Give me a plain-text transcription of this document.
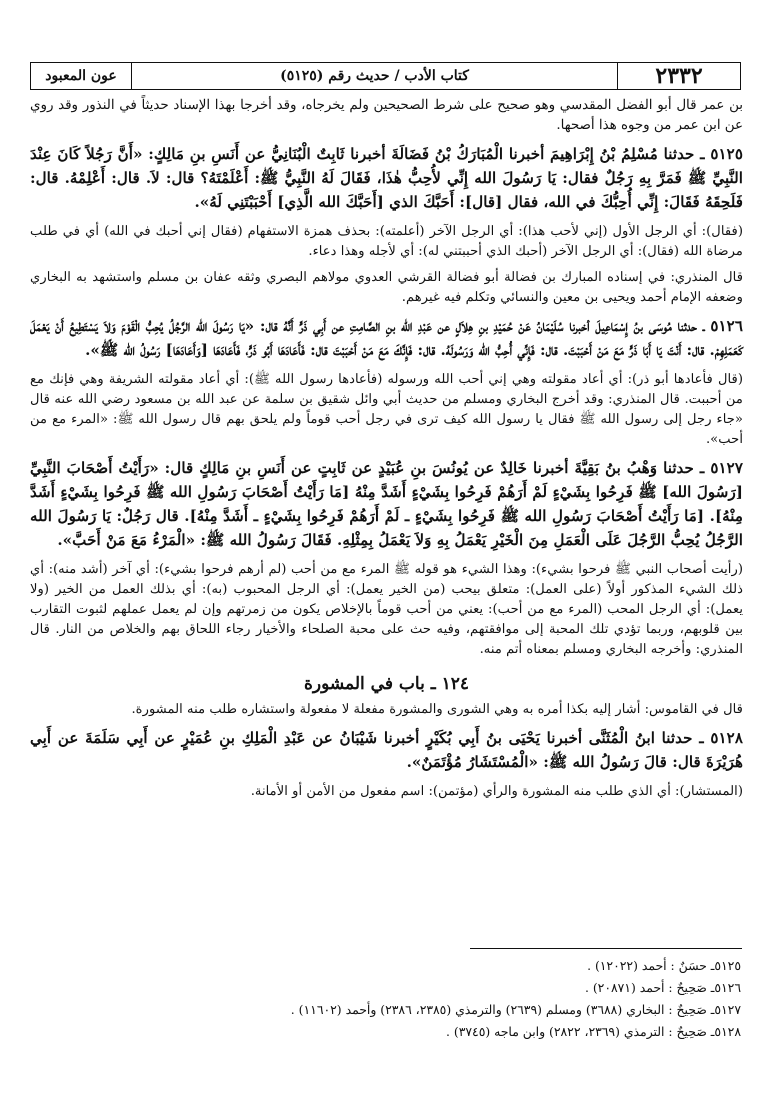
٢٣٣٢
كتاب الأدب / حديث رقم (٥١٢٥)
عون المعبود

بن عمر قال أبو الفضل المقدسي وهو صحيح على شرط الصحيحين ولم يخرجاه، وقد أخرجا بهذا الإسناد حديثاً في النذور وقد روي عن ابن عمر من وجوه هذا أصحها.

٥١٢٥ ـ حدثنا مُسْلِمُ بْنُ إِبْرَاهِيمَ أخبرنا الْمُبَارَكُ بْنُ فَضَالَةَ أخبرنا ثَابِتٌ الْبُنَانِيُّ عن أَنَسِ بنِ مَالِكٍ: «أَنَّ رَجُلاً كَانَ عِنْدَ النَّبِيِّ ﷺ فَمَرَّ بِهِ رَجُلٌ فقال: يَا رَسُولَ الله إِنِّي لأُحِبُّ هٰذَا، فَقَالَ لَهُ النَّبِيُّ ﷺ: أَعْلَمْتَهُ؟ قال: لاَ. قال: أَعْلِمْهُ. قال: فَلَحِقَهُ فَقَالَ: إِنِّي أُحِبُّكَ في الله، فقال [قال]: أَحَبَّكَ الذي [أَحَبَّكَ الله الَّذِي] أَحْبَبْتَنِي لَهُ».

(فقال): أي الرجل الأول (إني لأحب هذا): أي الرجل الآخر (أعلمته): بحذف همزة الاستفهام (فقال إني أحبك في الله) أي في طلب مرضاة الله (فقال): أي الرجل الآخر (أحبك الذي أحببتني له): أي لأجله وهذا دعاء.

قال المنذري: في إسناده المبارك بن فضالة أبو فضالة القرشي العدوي مولاهم البصري وثقه عفان بن مسلم واستشهد به البخاري وضعفه الإمام أحمد ويحيى بن معين والنسائي وتكلم فيه غيرهم.

٥١٢٦ ـ حدثنا مُوسَى بنُ إِسْمَاعِيلَ أخبرنا سُلَيْمَانُ عَنْ حُمَيْدِ بنِ هِلاَلٍ عن عَبْدِ الله بنِ الصَّامِتِ عن أَبِي ذَرٍّ أَنَّهُ قال: «يَا رَسُولَ الله الرَّجُلُ يُحِبُّ الْقَوْمَ وَلاَ يَسْتَطِيعُ أَنْ يَعْمَلَ كَعَمَلِهِمْ. قال: أَنْتَ يَا أَبَا ذَرٍّ مَعَ مَنْ أَحْبَبْتَ. قال: فَإِنِّي أُحِبُّ الله وَرَسُولَهُ. قال: فَإِنَّكَ مَعَ مَنْ أَحْبَبْتَ قال: فَأَعَادَهَا أَبُو ذَرٍّ، فَأَعَادَهَا [وَأَعَادَهَا] رَسُولُ الله ﷺ».

(قال فأعادها أبو ذر): أي أعاد مقولته وهي إني أحب الله ورسوله (فأعادها رسول الله ﷺ): أي أعاد مقولته الشريفة وهي فإنك مع من أحببت. قال المنذري: وقد أخرج البخاري ومسلم من حديث أبي وائل شقيق بن سلمة عن عبد الله بن مسعود رضي الله عنه قال «جاء رجل إلى رسول الله ﷺ فقال يا رسول الله كيف ترى في رجل أحب قوماً ولم يلحق بهم قال رسول الله ﷺ: «المرء مع من أحب».

٥١٢٧ ـ حدثنا وَهْبُ بنُ بَقِيَّةَ أخبرنا خَالِدٌ عن يُونُسَ بنِ عُبَيْدٍ عن ثَابِتٍ عن أَنَسِ بنِ مَالِكٍ قال: «رَأَيْتُ أَصْحَابَ النَّبِيِّ [رَسُولَ الله] ﷺ فَرِحُوا بِشَيْءٍ لَمْ أَرَهُمْ فَرِحُوا بِشَيْءٍ أَشَدَّ مِنْهُ [مَا رَأَيْتُ أَصْحَابَ رَسُولِ الله ﷺ فَرِحُوا بِشَيْءٍ أَشَدَّ مِنْهُ]. [مَا رَأَيْتُ أَصْحَابَ رَسُولِ الله ﷺ فَرِحُوا بِشَيْءٍ ـ لَمْ أَرَهُمْ فَرِحُوا بِشَيْءٍ ـ أَشَدَّ مِنْهُ]. قال رَجُلٌ: يَا رَسُولَ الله الرَّجُلُ يُحِبُّ الرَّجُلَ عَلَى الْعَمَلِ مِنَ الْخَيْرِ يَعْمَلُ بِهِ وَلاَ يَعْمَلُ بِمِثْلِهِ. فَقَالَ رَسُولُ الله ﷺ: «الْمَرْءُ مَعَ مَنْ أَحَبَّ».

(رأيت أصحاب النبي ﷺ فرحوا بشيء): وهذا الشيء هو قوله ﷺ المرء مع من أحب (لم أرهم فرحوا بشيء): أي آخر (أشد منه): أي ذلك الشيء المذكور أولاً (على العمل): متعلق بيحب (من الخير يعمل): أي الرجل المحبوب (به): أي بذلك العمل من الخير (ولا يعمل): أي الرجل المحب (المرء مع من أحب): يعني من أحب قوماً بالإخلاص يكون من زمرتهم وإن لم يعمل عملهم لثبوت التقارب بين قلوبهم، وربما تؤدي تلك المحبة إلى موافقتهم، وفيه حث على محبة الصلحاء والأخيار رجاء اللحاق بهم والخلاص من النار. قال المنذري: وأخرجه البخاري ومسلم بمعناه أتم منه.

١٢٤ ـ باب في المشورة

قال في القاموس: أشار إليه بكذا أمره به وهي الشورى والمشورة مفعلة لا مفعولة واستشاره طلب منه المشورة.

٥١٢٨ ـ حدثنا ابنُ الْمُثَنَّى أخبرنا يَحْيَى بنُ أَبِي بُكَيْرٍ أخبرنا شَيْبَانُ عن عَبْدِ الْمَلِكِ بنِ عُمَيْرٍ عن أَبِي سَلَمَةَ عن أَبِي هُرَيْرَةَ قال: قالَ رَسُولُ الله ﷺ: «الْمُسْتَشَارُ مُؤْتَمَنٌ».

(المستشار): أي الذي طلب منه المشورة والرأي (مؤتمن): اسم مفعول من الأمن أو الأمانة.

٥١٢٥ـ حسَنٌ : أحمد (١٢٠٢٢) .
٥١٢٦ـ صَحِيحٌ : أحمد (٢٠٨٧١) .
٥١٢٧ـ صَحِيحٌ : البخاري (٣٦٨٨) ومسلم (٢٦٣٩) والترمذي (٢٣٨٥، ٢٣٨٦) وأحمد (١١٦٠٢) .
٥١٢٨ـ صَحِيحٌ : الترمذي (٢٣٦٩، ٢٨٢٢) وابن ماجه (٣٧٤٥) .
